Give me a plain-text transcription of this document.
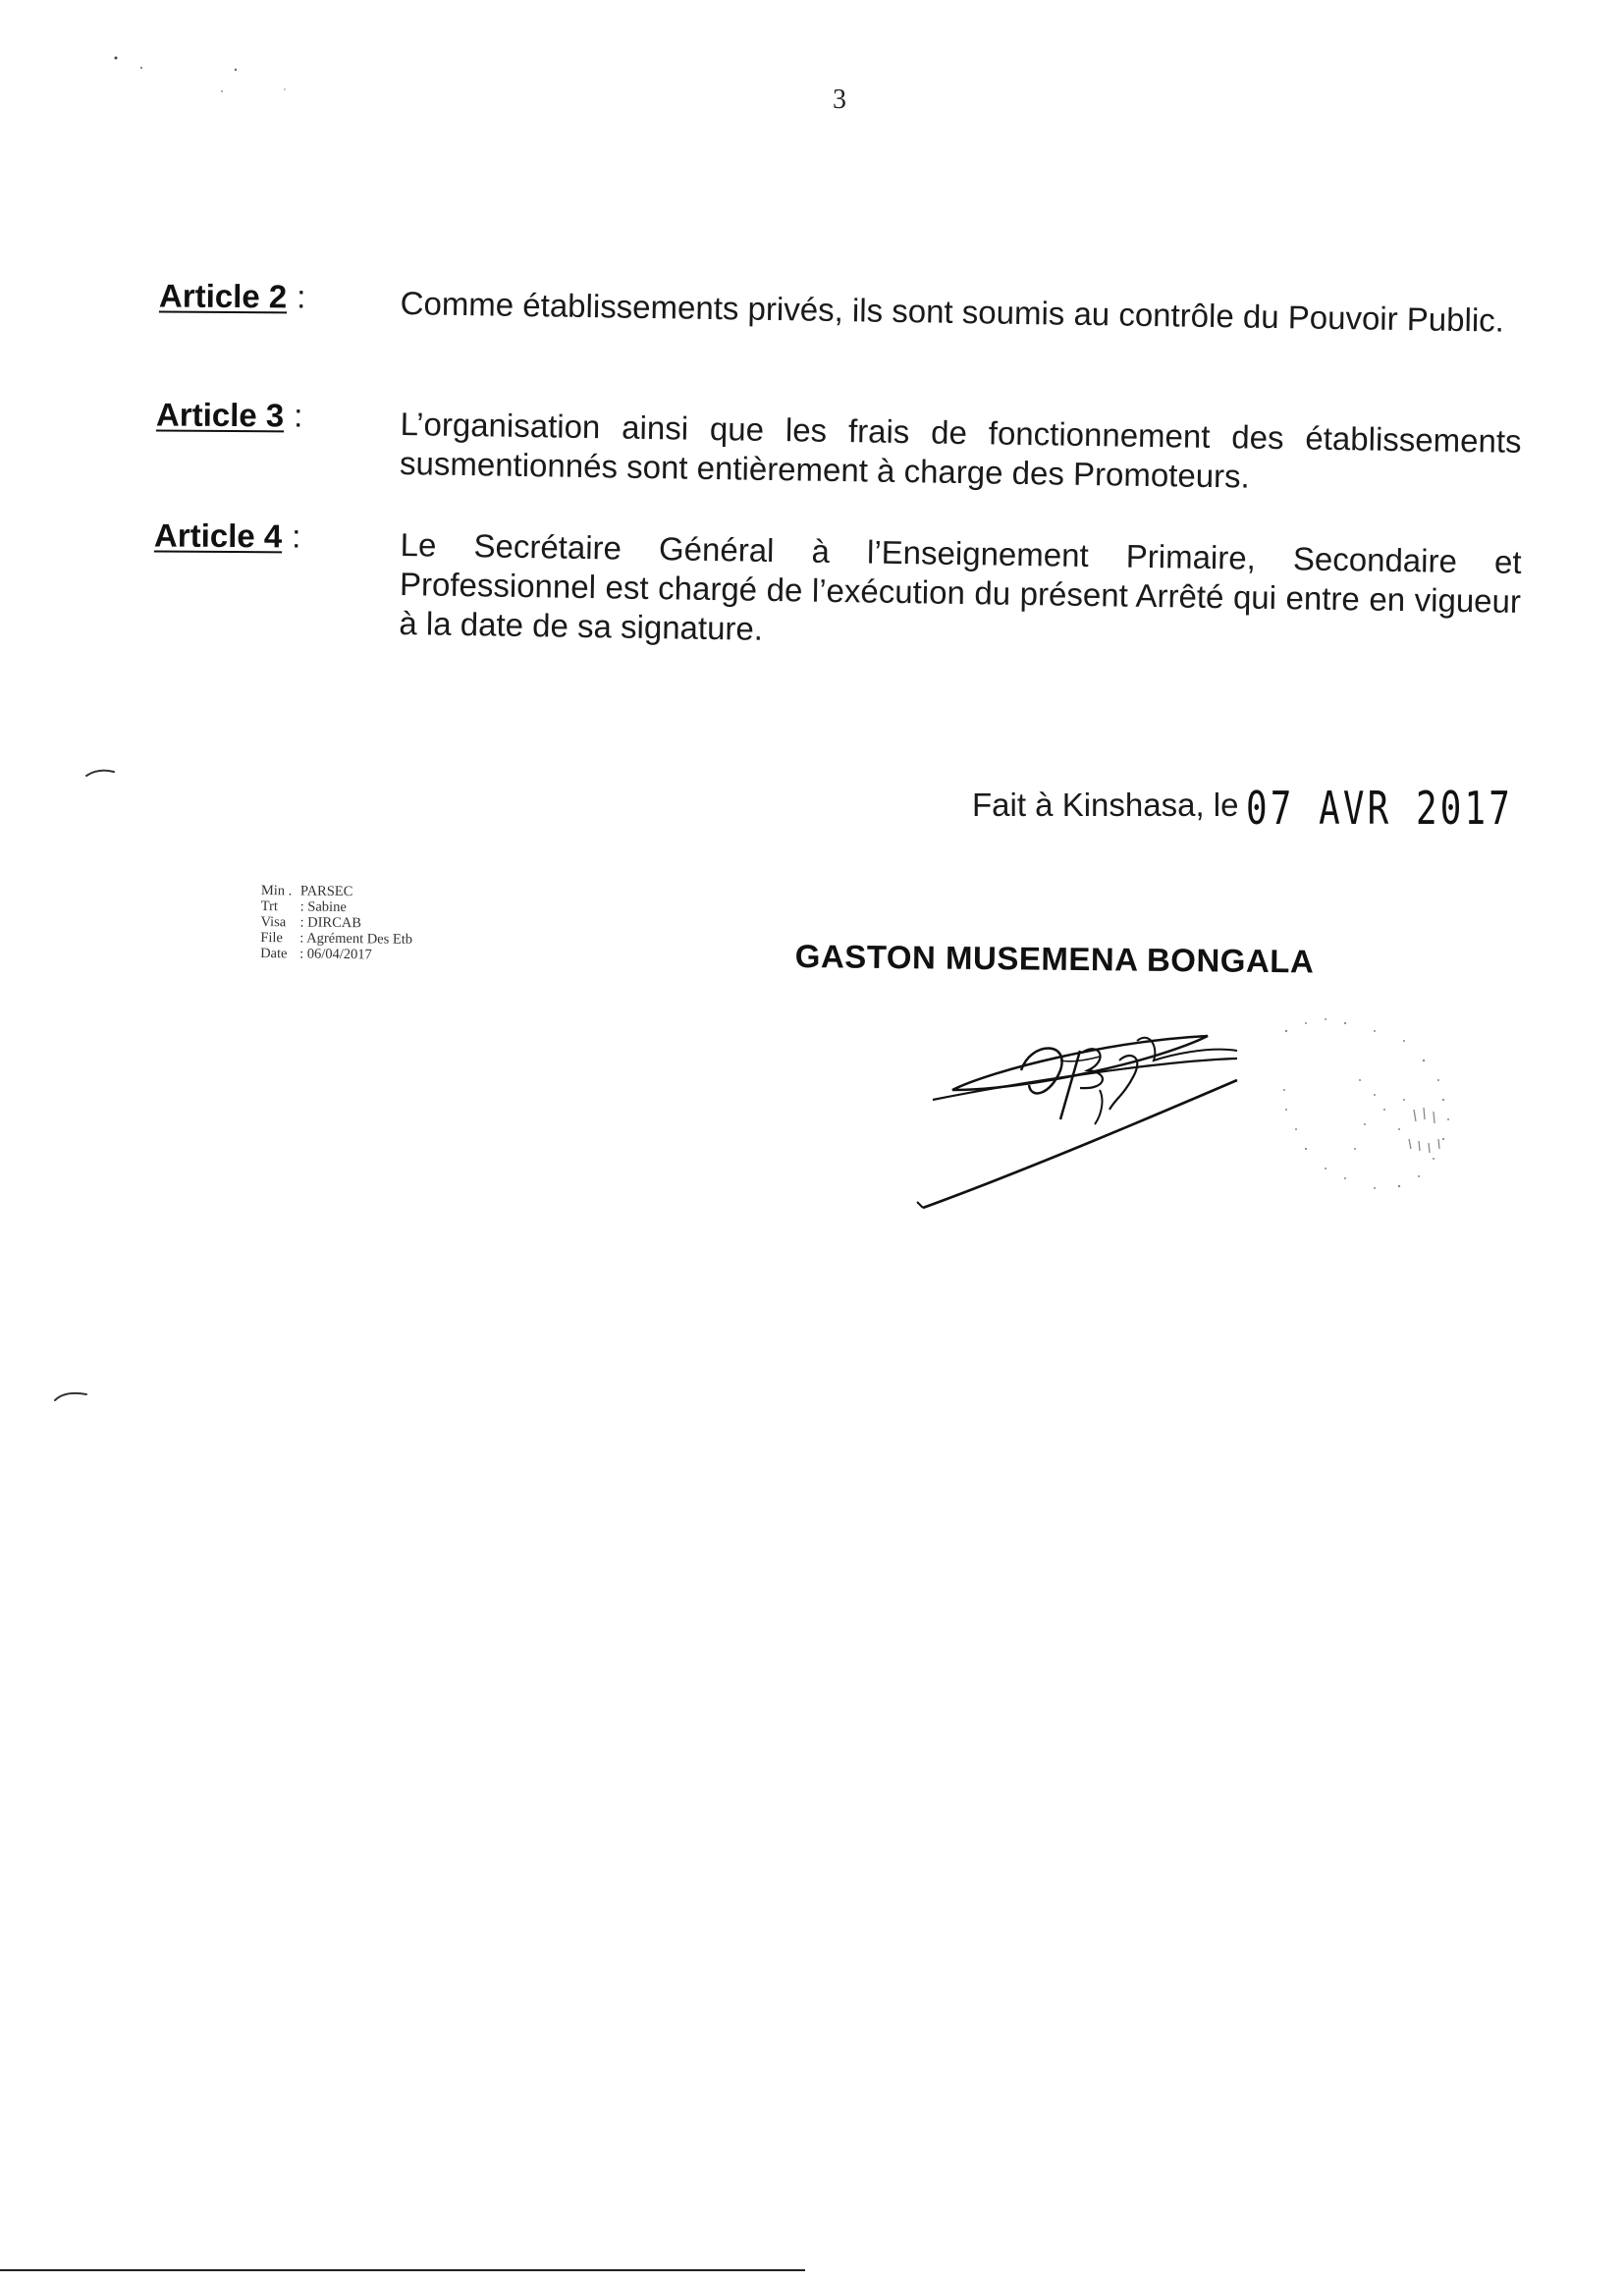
3
Article 2 :	Comme établissements privés, ils sont soumis au contrôle du Pouvoir Public.
Article 3 :	L’organisation ainsi que les frais de fonctionnement des établissements susmentionnés sont entièrement à charge des Promoteurs.
Article 4 :	Le Secrétaire Général à l’Enseignement Primaire, Secondaire et Professionnel est chargé de l’exécution du présent Arrêté qui entre en vigueur à la date de sa signature.
Fait à Kinshasa, le 07 AVR 2017
Min . PARSEC
Trt	: Sabine
Visa : DIRCAB
File	: Agrément Des Etb
Date : 06/04/2017	GASTON MUSEMENA BONGALA
